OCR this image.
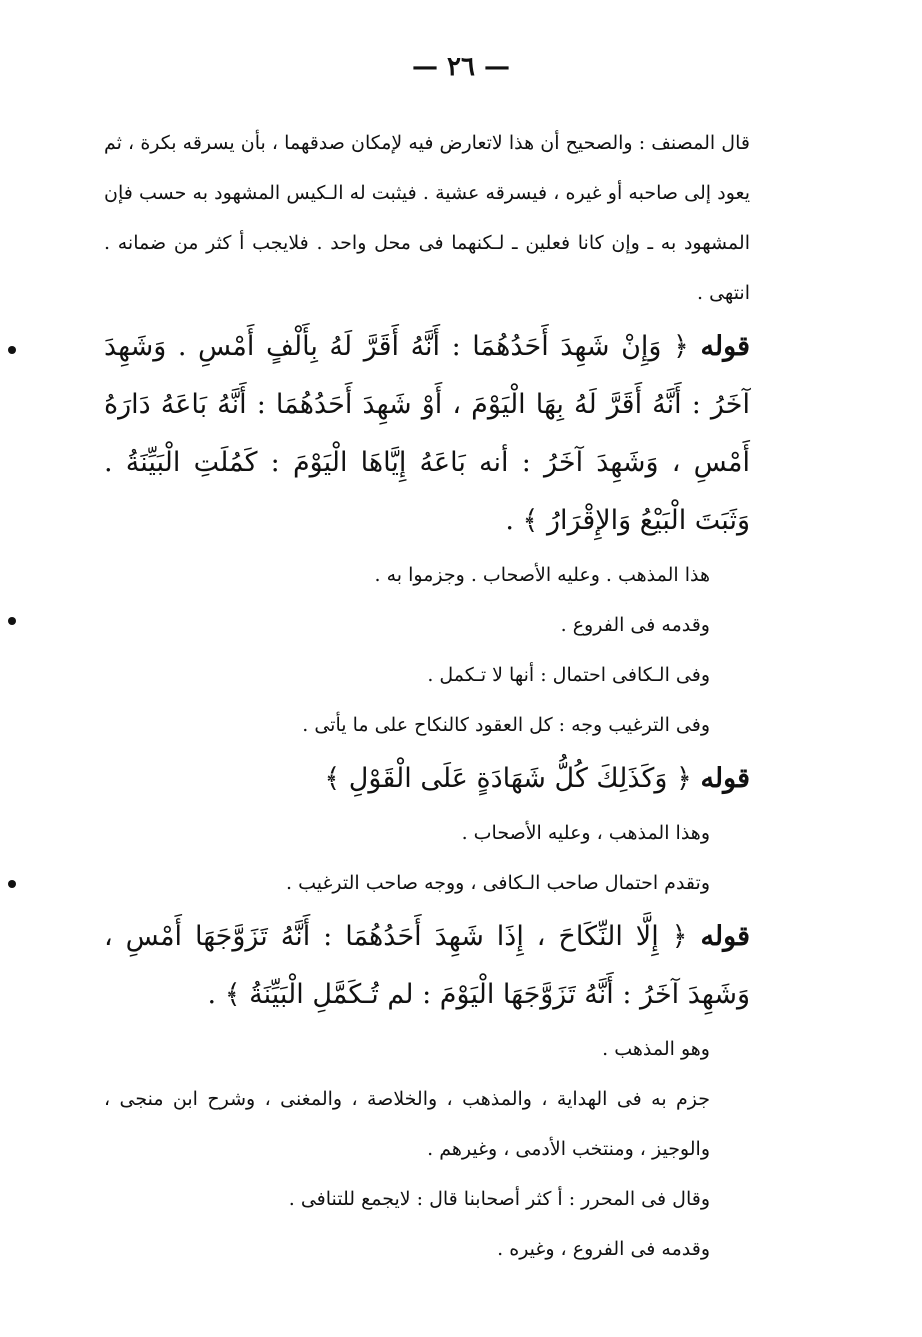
— ٢٦ —

قال المصنف : والصحيح أن هذا لاتعارض فيه لإمكان صدقهما ، بأن يسرقه بكرة ، ثم يعود إلى صاحبه أو غيره ، فيسرقه عشية . فيثبت له الـكيس المشهود به حسب فإن المشهود به ـ وإن كانا فعلين ـ لـكنهما فى محل واحد . فلايجب أ كثر من ضمانه . انتهى .

قوله ﴿ وَإِنْ شَهِدَ أَحَدُهُمَا : أَنَّهُ أَقَرَّ لَهُ بِأَلْفٍ أَمْسِ . وَشَهِدَ آخَرُ : أَنَّهُ أَقَرَّ لَهُ بِهَا الْيَوْمَ ، أَوْ شَهِدَ أَحَدُهُمَا : أَنَّهُ بَاعَهُ دَارَهُ أَمْسِ ، وَشَهِدَ آخَرُ : أنه بَاعَهُ إِيَّاهَا الْيَوْمَ : كَمُلَتِ الْبَيِّنَةُ . وَثَبَتَ الْبَيْعُ وَالإِقْرَارُ ﴾ .

هذا المذهب . وعليه الأصحاب . وجزموا به .

وقدمه فى الفروع .

وفى الـكافى احتمال : أنها لا تـكمل .

وفى الترغيب وجه : كل العقود كالنكاح على ما يأتى .

قوله ﴿ وَكَذَلِكَ كُلُّ شَهَادَةٍ عَلَى الْقَوْلِ ﴾

وهذا المذهب ، وعليه الأصحاب .

وتقدم احتمال صاحب الـكافى ، ووجه صاحب الترغيب .

قوله ﴿ إِلَّا النِّكَاحَ ، إِذَا شَهِدَ أَحَدُهُمَا : أَنَّهُ تَزَوَّجَهَا أَمْسِ ، وَشَهِدَ آخَرُ : أَنَّهُ تَزَوَّجَهَا الْيَوْمَ : لم تُـكَمَّلِ الْبَيِّنَةُ ﴾ .

وهو المذهب .

جزم به فى الهداية ، والمذهب ، والخلاصة ، والمغنى ، وشرح ابن منجى ، والوجيز ، ومنتخب الأدمى ، وغيرهم .

وقال فى المحرر : أ كثر أصحابنا قال : لايجمع للتنافى .

وقدمه فى الفروع ، وغيره .
